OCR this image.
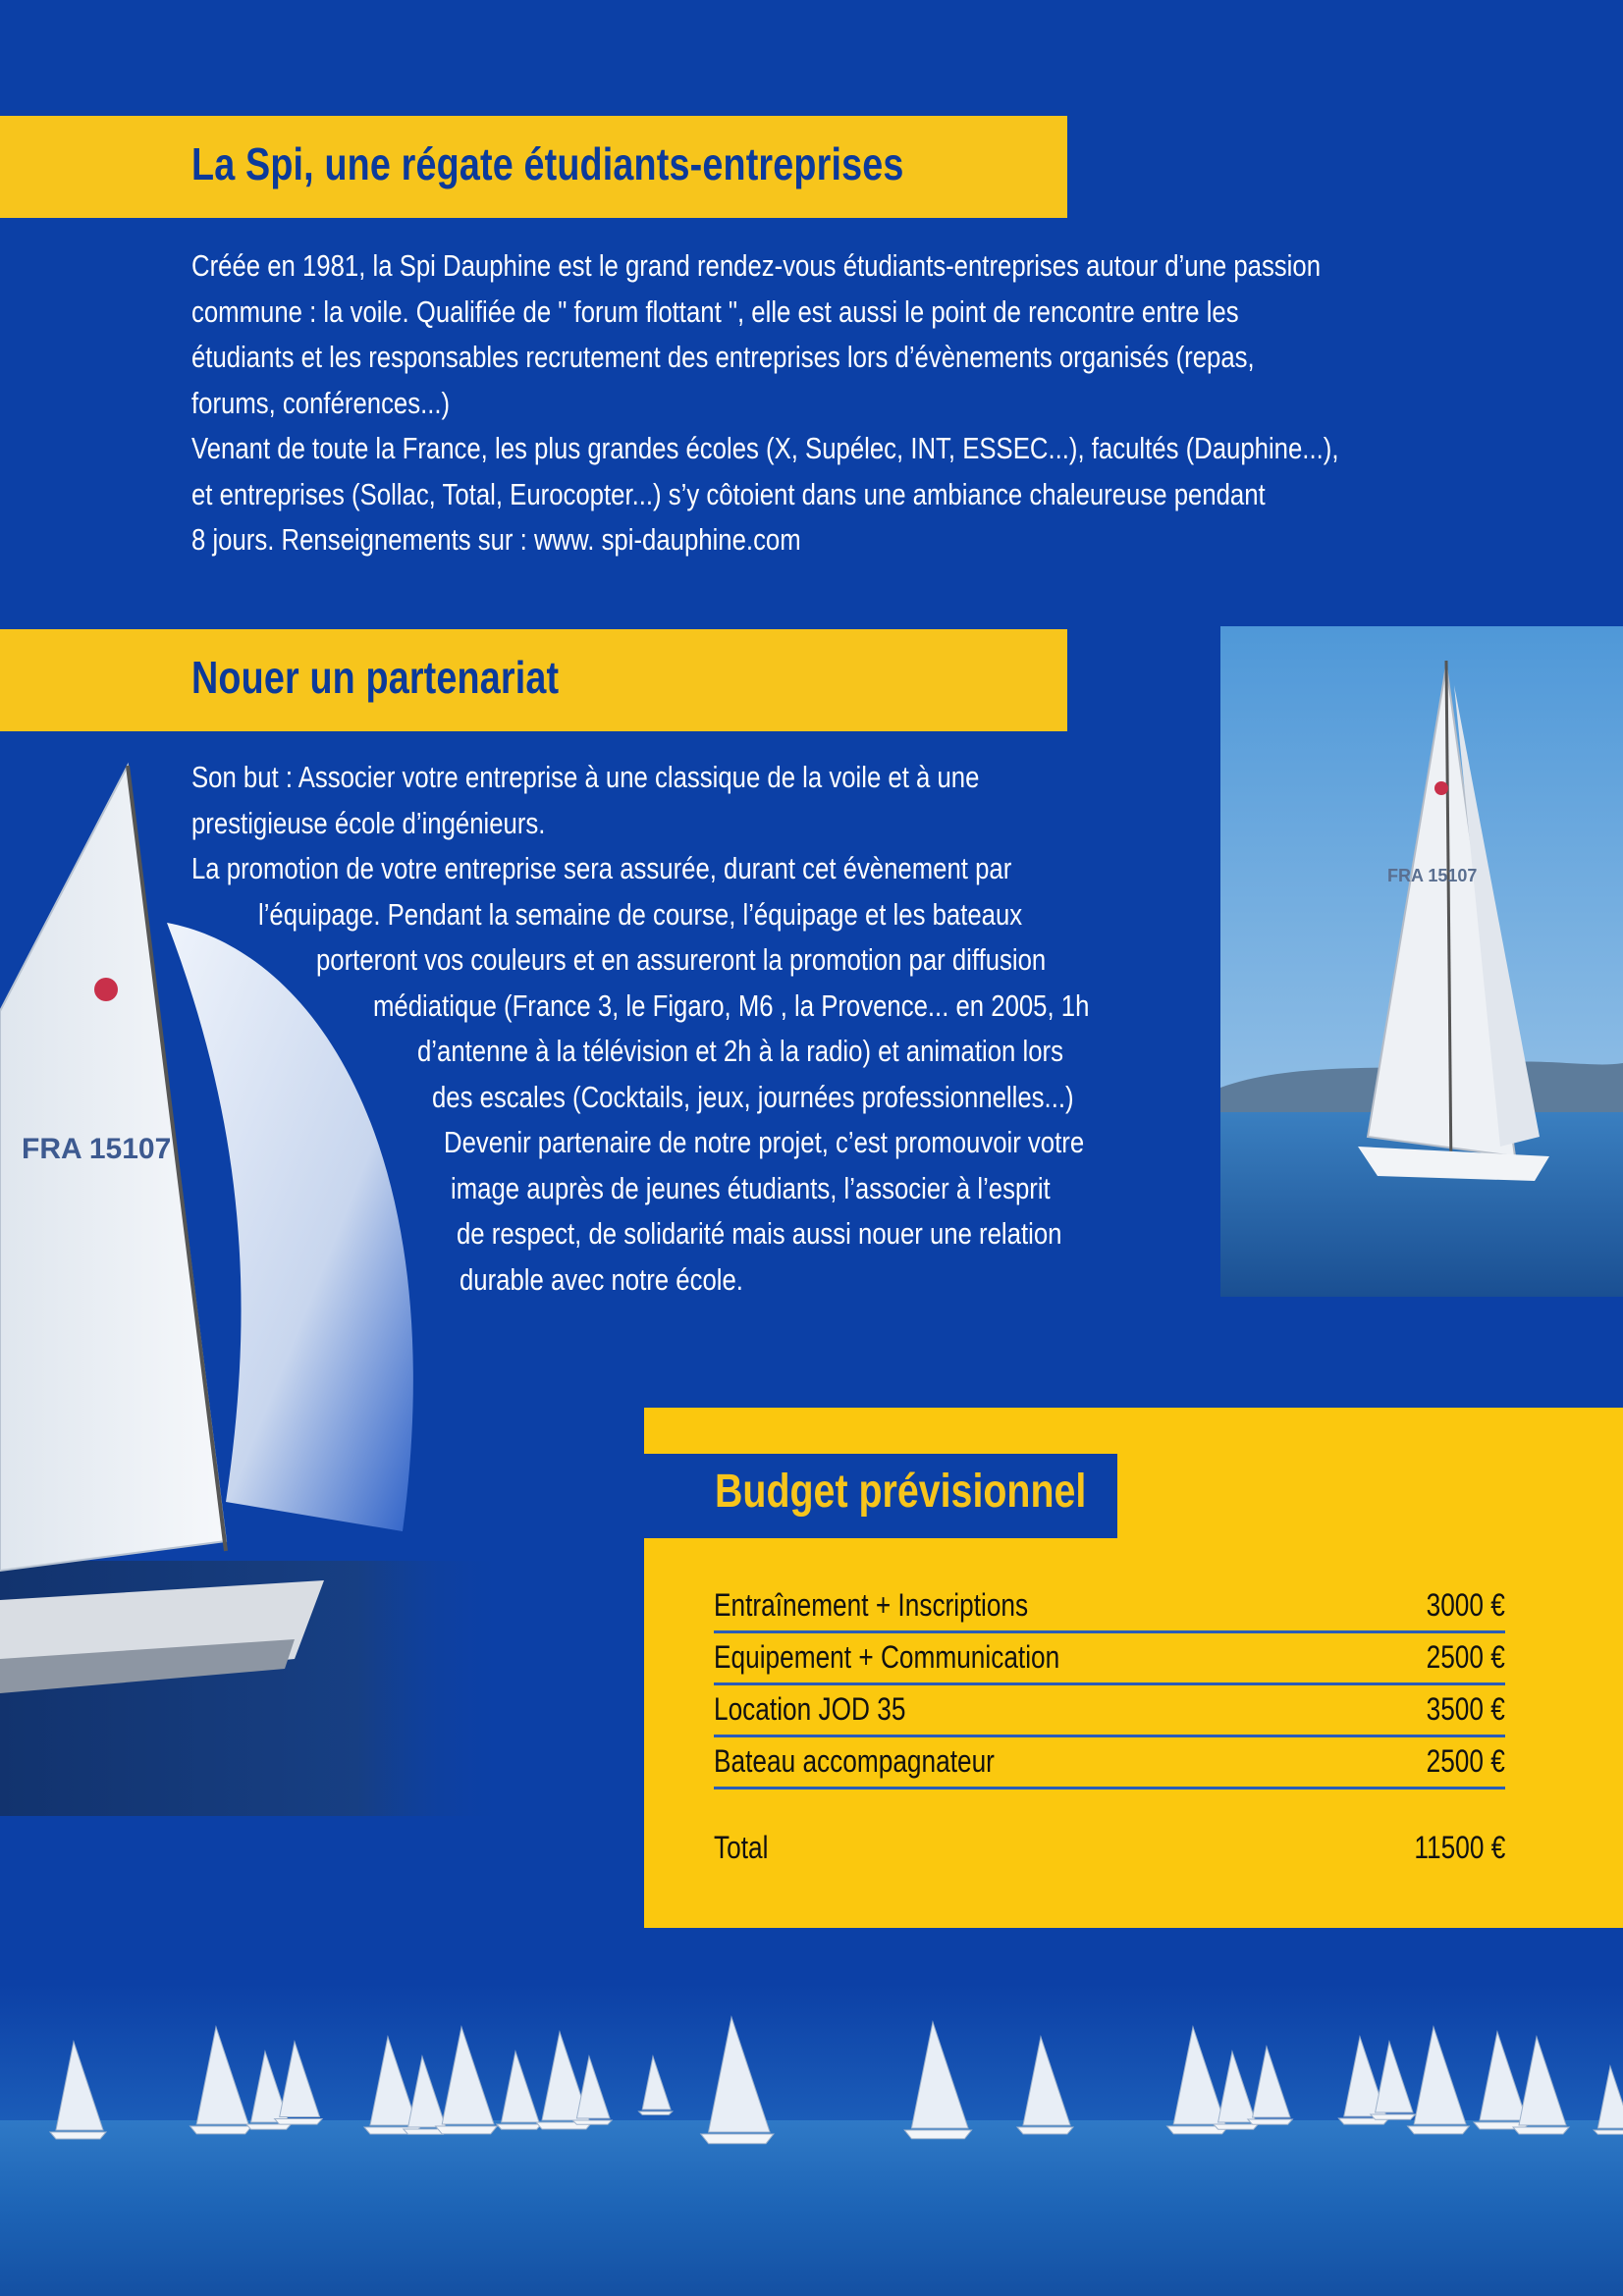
FRA 15107
FRA 15107
La Spi, une régate étudiants-entreprises
Créée en 1981, la Spi Dauphine est le grand rendez-vous étudiants-entreprises autour d’une passion
commune : la voile. Qualifiée de " forum flottant ", elle est aussi le point de rencontre entre les
étudiants et les responsables recrutement des entreprises lors d’évènements organisés (repas,
forums, conférences...)
Venant de toute la France, les plus grandes écoles (X, Supélec, INT, ESSEC...), facultés (Dauphine...),
et entreprises (Sollac, Total, Eurocopter...) s’y côtoient dans une ambiance chaleureuse pendant
8 jours. Renseignements sur : www. spi-dauphine.com
Nouer un partenariat
Son but : Associer votre entreprise à une classique de la voile et à une
prestigieuse école d’ingénieurs.
La promotion de votre entreprise sera assurée, durant cet évènement par
l’équipage. Pendant la semaine de course, l’équipage et les bateaux
porteront vos couleurs et en assureront la promotion par diffusion
médiatique (France 3, le Figaro, M6 , la Provence... en 2005, 1h
d’antenne à la télévision et 2h à la radio) et animation lors
des escales (Cocktails, jeux, journées professionnelles...)
Devenir partenaire de notre projet, c’est promouvoir votre
image auprès de jeunes étudiants, l’associer à l’esprit
de respect, de solidarité mais aussi nouer une relation
durable avec notre école.
Budget prévisionnel
Entraînement + Inscriptions	3000 €
Equipement + Communication	2500 €
Location JOD 35	3500 €
Bateau accompagnateur	2500 €
Total	11500 €
